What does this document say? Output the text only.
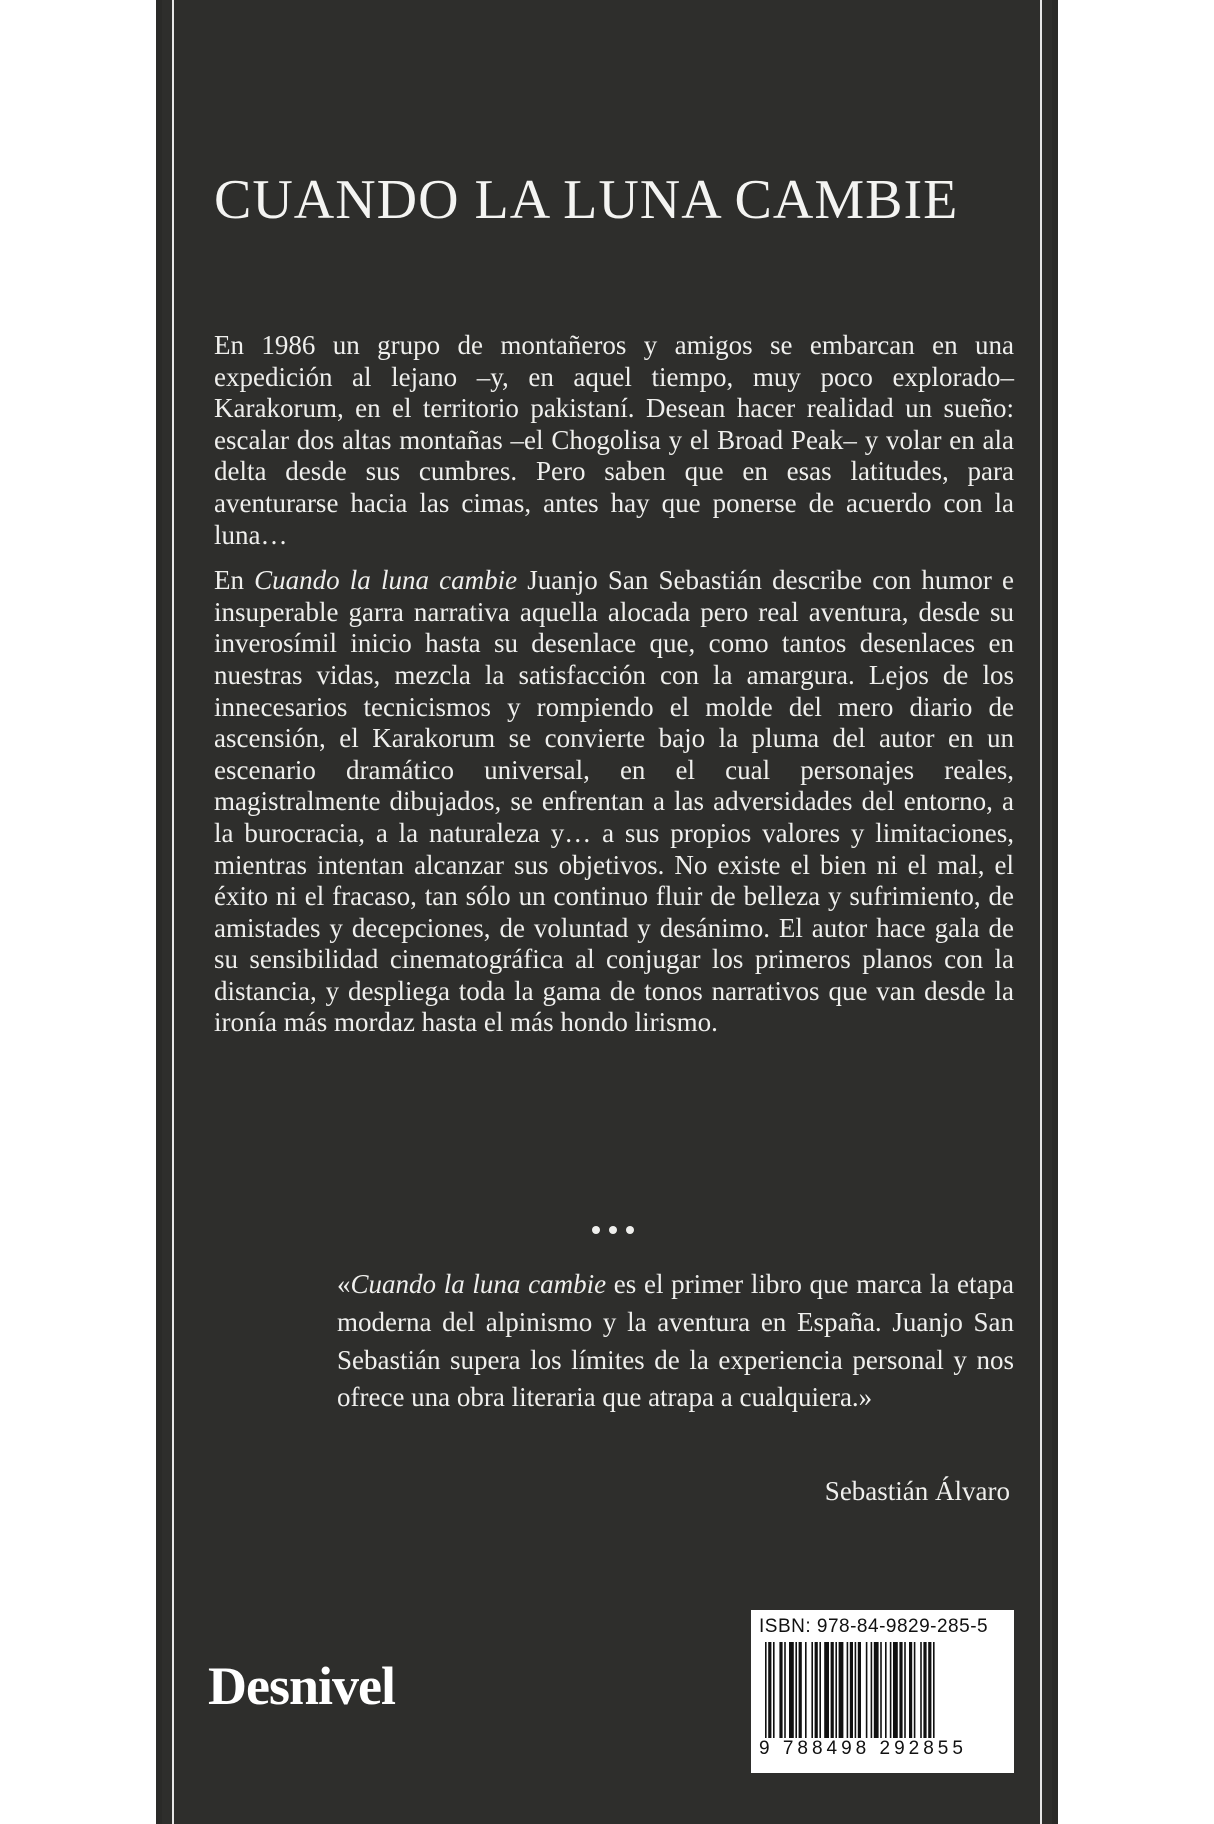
CUANDO LA LUNA CAMBIE

En 1986 un grupo de montañeros y amigos se embarcan en una expedición al lejano –y, en aquel tiempo, muy poco explorado– Karakorum, en el territorio pakistaní. Desean hacer realidad un sueño: escalar dos altas montañas –el Chogolisa y el Broad Peak– y volar en ala delta desde sus cumbres. Pero saben que en esas latitudes, para aventurarse hacia las cimas, antes hay que ponerse de acuerdo con la luna…

En Cuando la luna cambie Juanjo San Sebastián describe con humor e insuperable garra narrativa aquella alocada pero real aventura, desde su inverosímil inicio hasta su desenlace que, como tantos desenlaces en nuestras vidas, mezcla la satisfacción con la amargura. Lejos de los innecesarios tecnicismos y rompiendo el molde del mero diario de ascensión, el Karakorum se convierte bajo la pluma del autor en un escenario dramático universal, en el cual personajes reales, magistralmente dibujados, se enfrentan a las adversidades del entorno, a la burocracia, a la naturaleza y… a sus propios valores y limitaciones, mientras intentan alcanzar sus objetivos. No existe el bien ni el mal, el éxito ni el fracaso, tan sólo un continuo fluir de belleza y sufrimiento, de amistades y decepciones, de voluntad y desánimo. El autor hace gala de su sensibilidad cinematográfica al conjugar los primeros planos con la distancia, y despliega toda la gama de tonos narrativos que van desde la ironía más mordaz hasta el más hondo lirismo.

«Cuando la luna cambie es el primer libro que marca la etapa moderna del alpinismo y la aventura en España. Juanjo San Sebastián supera los límites de la experiencia personal y nos ofrece una obra literaria que atrapa a cualquiera.»

Sebastián Álvaro

Desnivel

ISBN: 978-84-9829-285-5

9 788498 292855
